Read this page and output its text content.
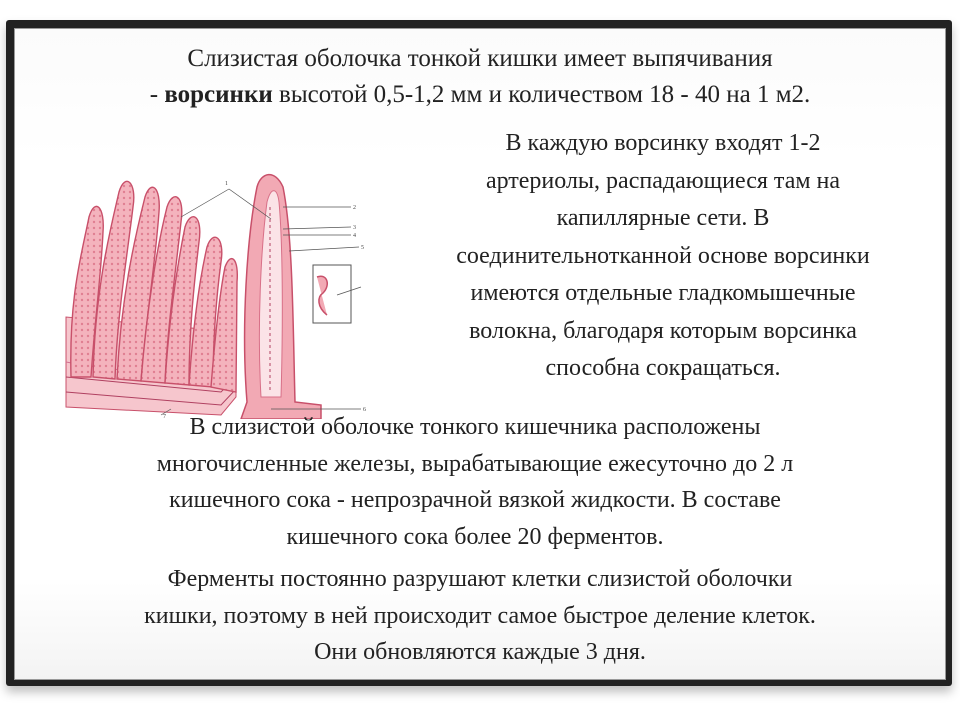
Слизистая оболочка тонкой кишки имеет выпячивания
- ворсинки высотой 0,5-1,2 мм и количеством 18 - 40 на 1 м2.
В каждую ворсинку входят 1-2
артериолы, распадающиеся там на
капиллярные сети. В
соединительнотканной основе ворсинки
имеются отдельные гладкомышечные
волокна, благодаря которым ворсинка
способна сокращаться.
1
2
3
4
5
6
7 В слизистой оболочке тонкого кишечника расположены
многочисленные железы, вырабатывающие ежесуточно до 2 л
кишечного сока - непрозрачной вязкой жидкости. В составе
кишечного сока более 20 ферментов.
Ферменты постоянно разрушают клетки слизистой оболочки
кишки, поэтому в ней происходит самое быстрое деление клеток.
Они обновляются каждые 3 дня.
